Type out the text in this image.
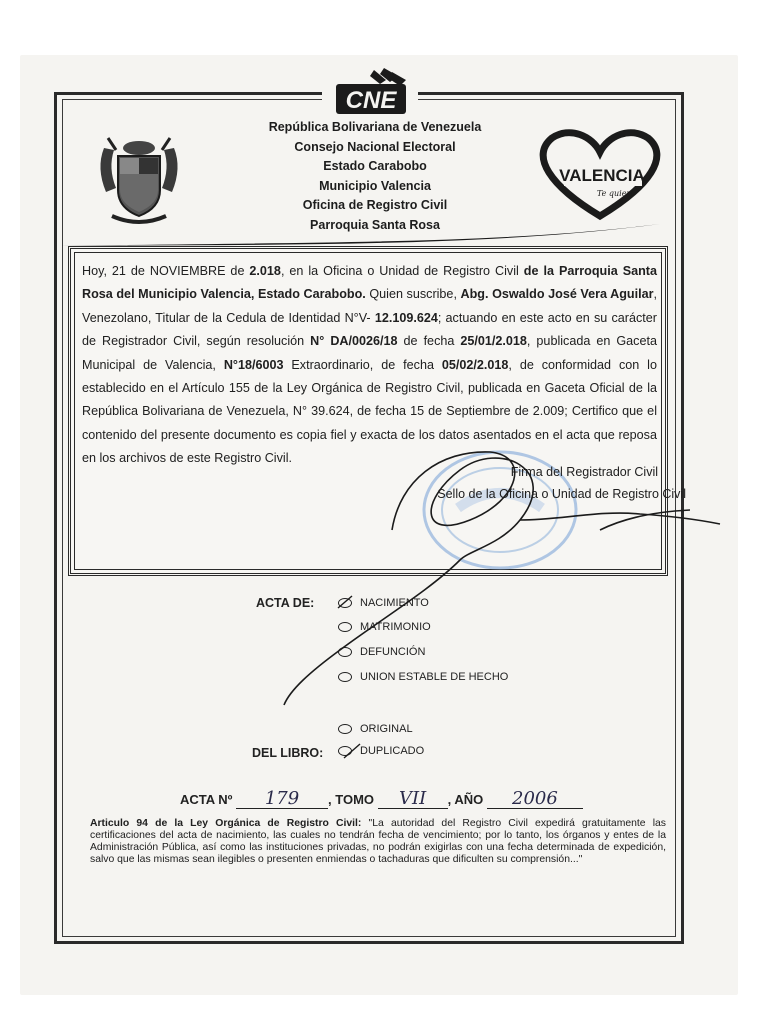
CNE
República Bolivariana de Venezuela
Consejo Nacional Electoral
Estado Carabobo
Municipio Valencia
Oficina de Registro Civil
Parroquia Santa Rosa
VALENCIA
Te quiero
Hoy, 21 de NOVIEMBRE de 2.018, en la Oficina o Unidad de Registro Civil de la Parroquia Santa Rosa del Municipio Valencia, Estado Carabobo. Quien suscribe, Abg. Oswaldo José Vera Aguilar, Venezolano, Titular de la Cedula de Identidad N°V- 12.109.624; actuando en este acto en su carácter de Registrador Civil, según resolución N° DA/0026/18 de fecha 25/01/2.018, publicada en Gaceta Municipal de Valencia, N°18/6003 Extraordinario, de fecha 05/02/2.018, de conformidad con lo establecido en el Artículo 155 de la Ley Orgánica de Registro Civil, publicada en Gaceta Oficial de la República Bolivariana de Venezuela, N° 39.624, de fecha 15 de Septiembre de 2.009; Certifico que el contenido del presente documento es copia fiel y exacta de los datos asentados en el acta que reposa en los archivos de este Registro Civil.
Firma del Registrador Civil
Sello de la Oficina o Unidad de Registro Civil
ACTA DE:	NACIMIENTO
MATRIMONIO
DEFUNCIÓN
UNION ESTABLE DE HECHO
ORIGINAL
DEL LIBRO:	DUPLICADO
ACTA Nº 179 , TOMO VII , AÑO 2006
Articulo 94 de la Ley Orgánica de Registro Civil: "La autoridad del Registro Civil expedirá gratuitamente las certificaciones del acta de nacimiento, las cuales no tendrán fecha de vencimiento; por lo tanto, los órganos y entes de la Administración Pública, así como las instituciones privadas, no podrán exigirlas con una fecha determinada de expedición, salvo que las mismas sean ilegibles o presenten enmiendas o tachaduras que dificulten su comprensión..."
